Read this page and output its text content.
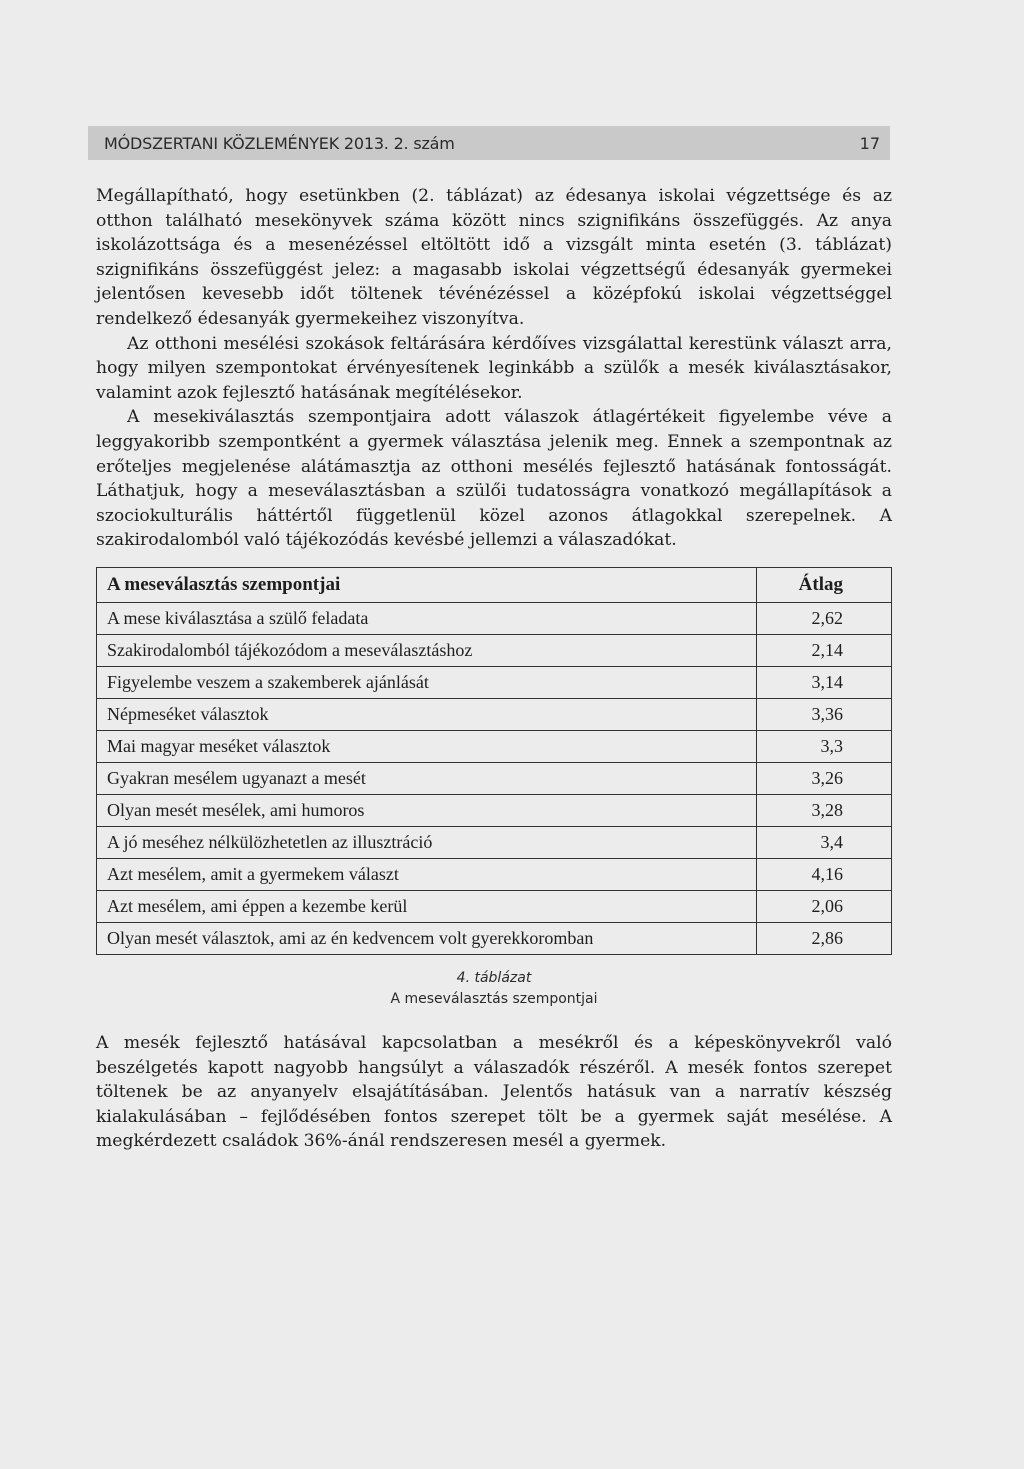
MÓDSZERTANI KÖZLEMÉNYEK 2013. 2. szám	17

Megállapítható, hogy esetünkben (2. táblázat) az édesanya iskolai végzettsége és az otthon található mesekönyvek száma között nincs szignifikáns összefüggés. Az anya iskolázottsága és a mesenézéssel eltöltött idő a vizsgált minta esetén (3. táblázat) szignifikáns összefüggést jelez: a magasabb iskolai végzettségű édesanyák gyermekei jelentősen kevesebb időt töltenek tévénézéssel a középfokú iskolai végzettséggel rendelkező édesanyák gyermekeihez viszonyítva.

Az otthoni mesélési szokások feltárására kérdőíves vizsgálattal kerestünk választ arra, hogy milyen szempontokat érvényesítenek leginkább a szülők a mesék kiválasztásakor, valamint azok fejlesztő hatásának megítélésekor.

A mesekiválasztás szempontjaira adott válaszok átlagértékeit figyelembe véve a leggyakoribb szempontként a gyermek választása jelenik meg. Ennek a szempontnak az erőteljes megjelenése alátámasztja az otthoni mesélés fejlesztő hatásának fontosságát. Láthatjuk, hogy a meseválasztásban a szülői tudatosságra vonatkozó megállapítások a szociokulturális háttértől függetlenül közel azonos átlagokkal szerepelnek. A szakirodalomból való tájékozódás kevésbé jellemzi a válaszadókat.

A meseválasztás szempontjai	Átlag
A mese kiválasztása a szülő feladata	2,62
Szakirodalomból tájékozódom a meseválasztáshoz	2,14
Figyelembe veszem a szakemberek ajánlását	3,14
Népmeséket választok	3,36
Mai magyar meséket választok	3,3
Gyakran mesélem ugyanazt a mesét	3,26
Olyan mesét mesélek, ami humoros	3,28
A jó meséhez nélkülözhetetlen az illusztráció	3,4
Azt mesélem, amit a gyermekem választ	4,16
Azt mesélem, ami éppen a kezembe kerül	2,06
Olyan mesét választok, ami az én kedvencem volt gyerekkoromban	2,86
4. táblázat
A meseválasztás szempontjai

A mesék fejlesztő hatásával kapcsolatban a mesékről és a képeskönyvekről való beszélgetés kapott nagyobb hangsúlyt a válaszadók részéről. A mesék fontos szerepet töltenek be az anyanyelv elsajátításában. Jelentős hatásuk van a narratív készség kialakulásában – fejlődésében fontos szerepet tölt be a gyermek saját mesélése. A megkérdezett családok 36%-ánál rendszeresen mesél a gyermek.
